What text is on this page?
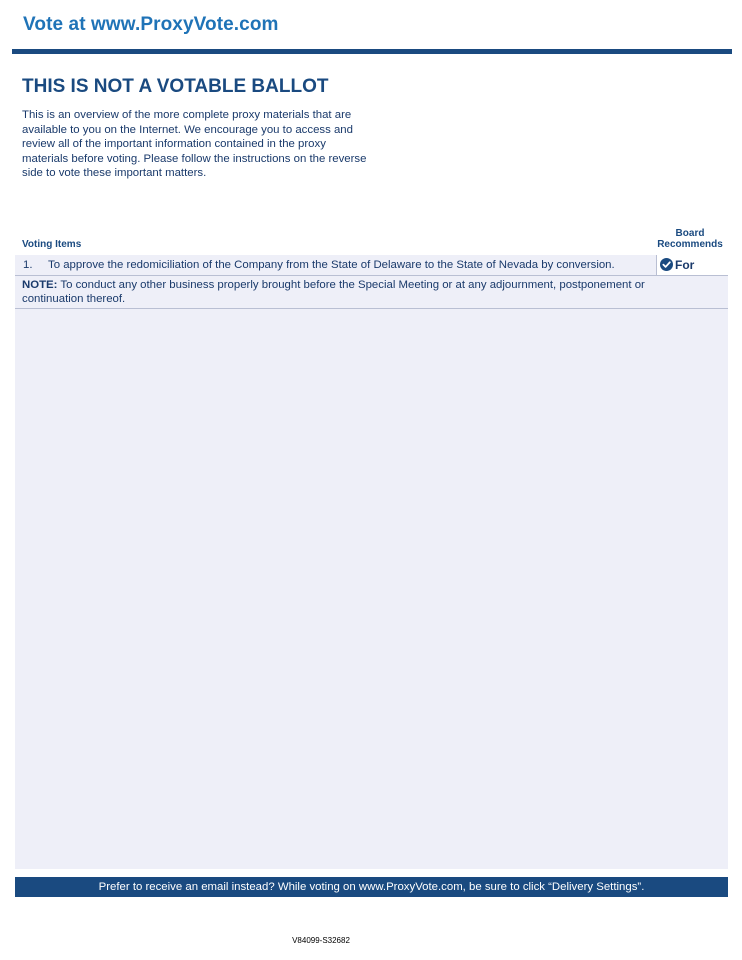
Vote at www.ProxyVote.com
THIS IS NOT A VOTABLE BALLOT
This is an overview of the more complete proxy materials that are available to you on the Internet. We encourage you to access and review all of the important information contained in the proxy materials before voting. Please follow the instructions on the reverse side to vote these important matters.
Voting Items
Board
Recommends
1. To approve the redomiciliation of the Company from the State of Delaware to the State of Nevada by conversion.	For
NOTE: To conduct any other business properly brought before the Special Meeting or at any adjournment, postponement or continuation thereof.
Prefer to receive an email instead? While voting on www.ProxyVote.com, be sure to click “Delivery Settings”.
V84099-S32682
